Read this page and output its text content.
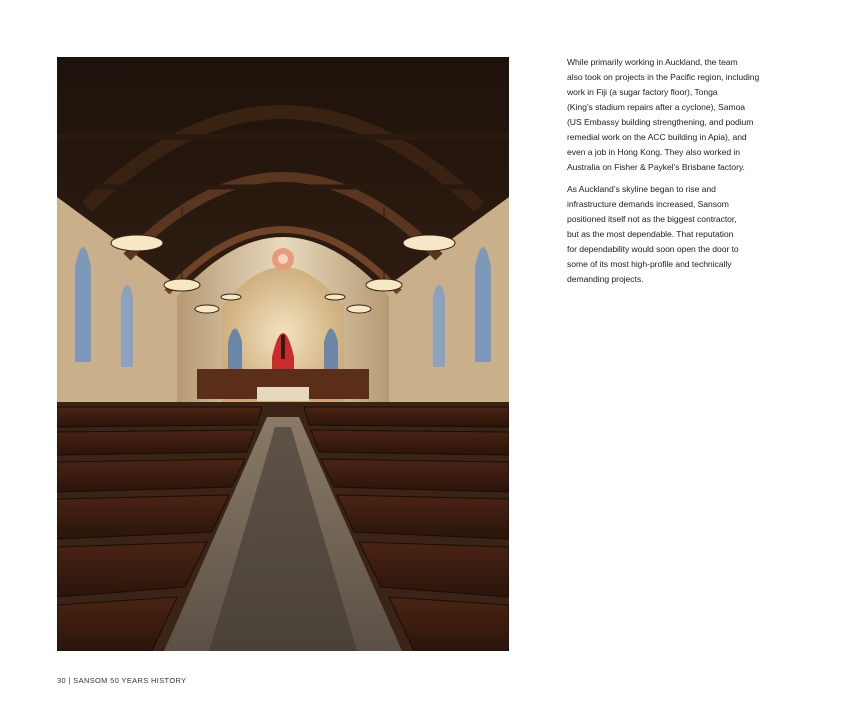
While primarily working in Auckland, the team
also took on projects in the Pacific region, including
work in Fiji (a sugar factory floor), Tonga
(King’s stadium repairs after a cyclone), Samoa
(US Embassy building strengthening, and podium
remedial work on the ACC building in Apia), and
even a job in Hong Kong. They also worked in
Australia on Fisher & Paykel’s Brisbane factory.

As Auckland’s skyline began to rise and
infrastructure demands increased, Sansom
positioned itself not as the biggest contractor,
but as the most dependable. That reputation
for dependability would soon open the door to
some of its most high-profile and technically
demanding projects.

30 | SANSOM 50 YEARS HISTORY
